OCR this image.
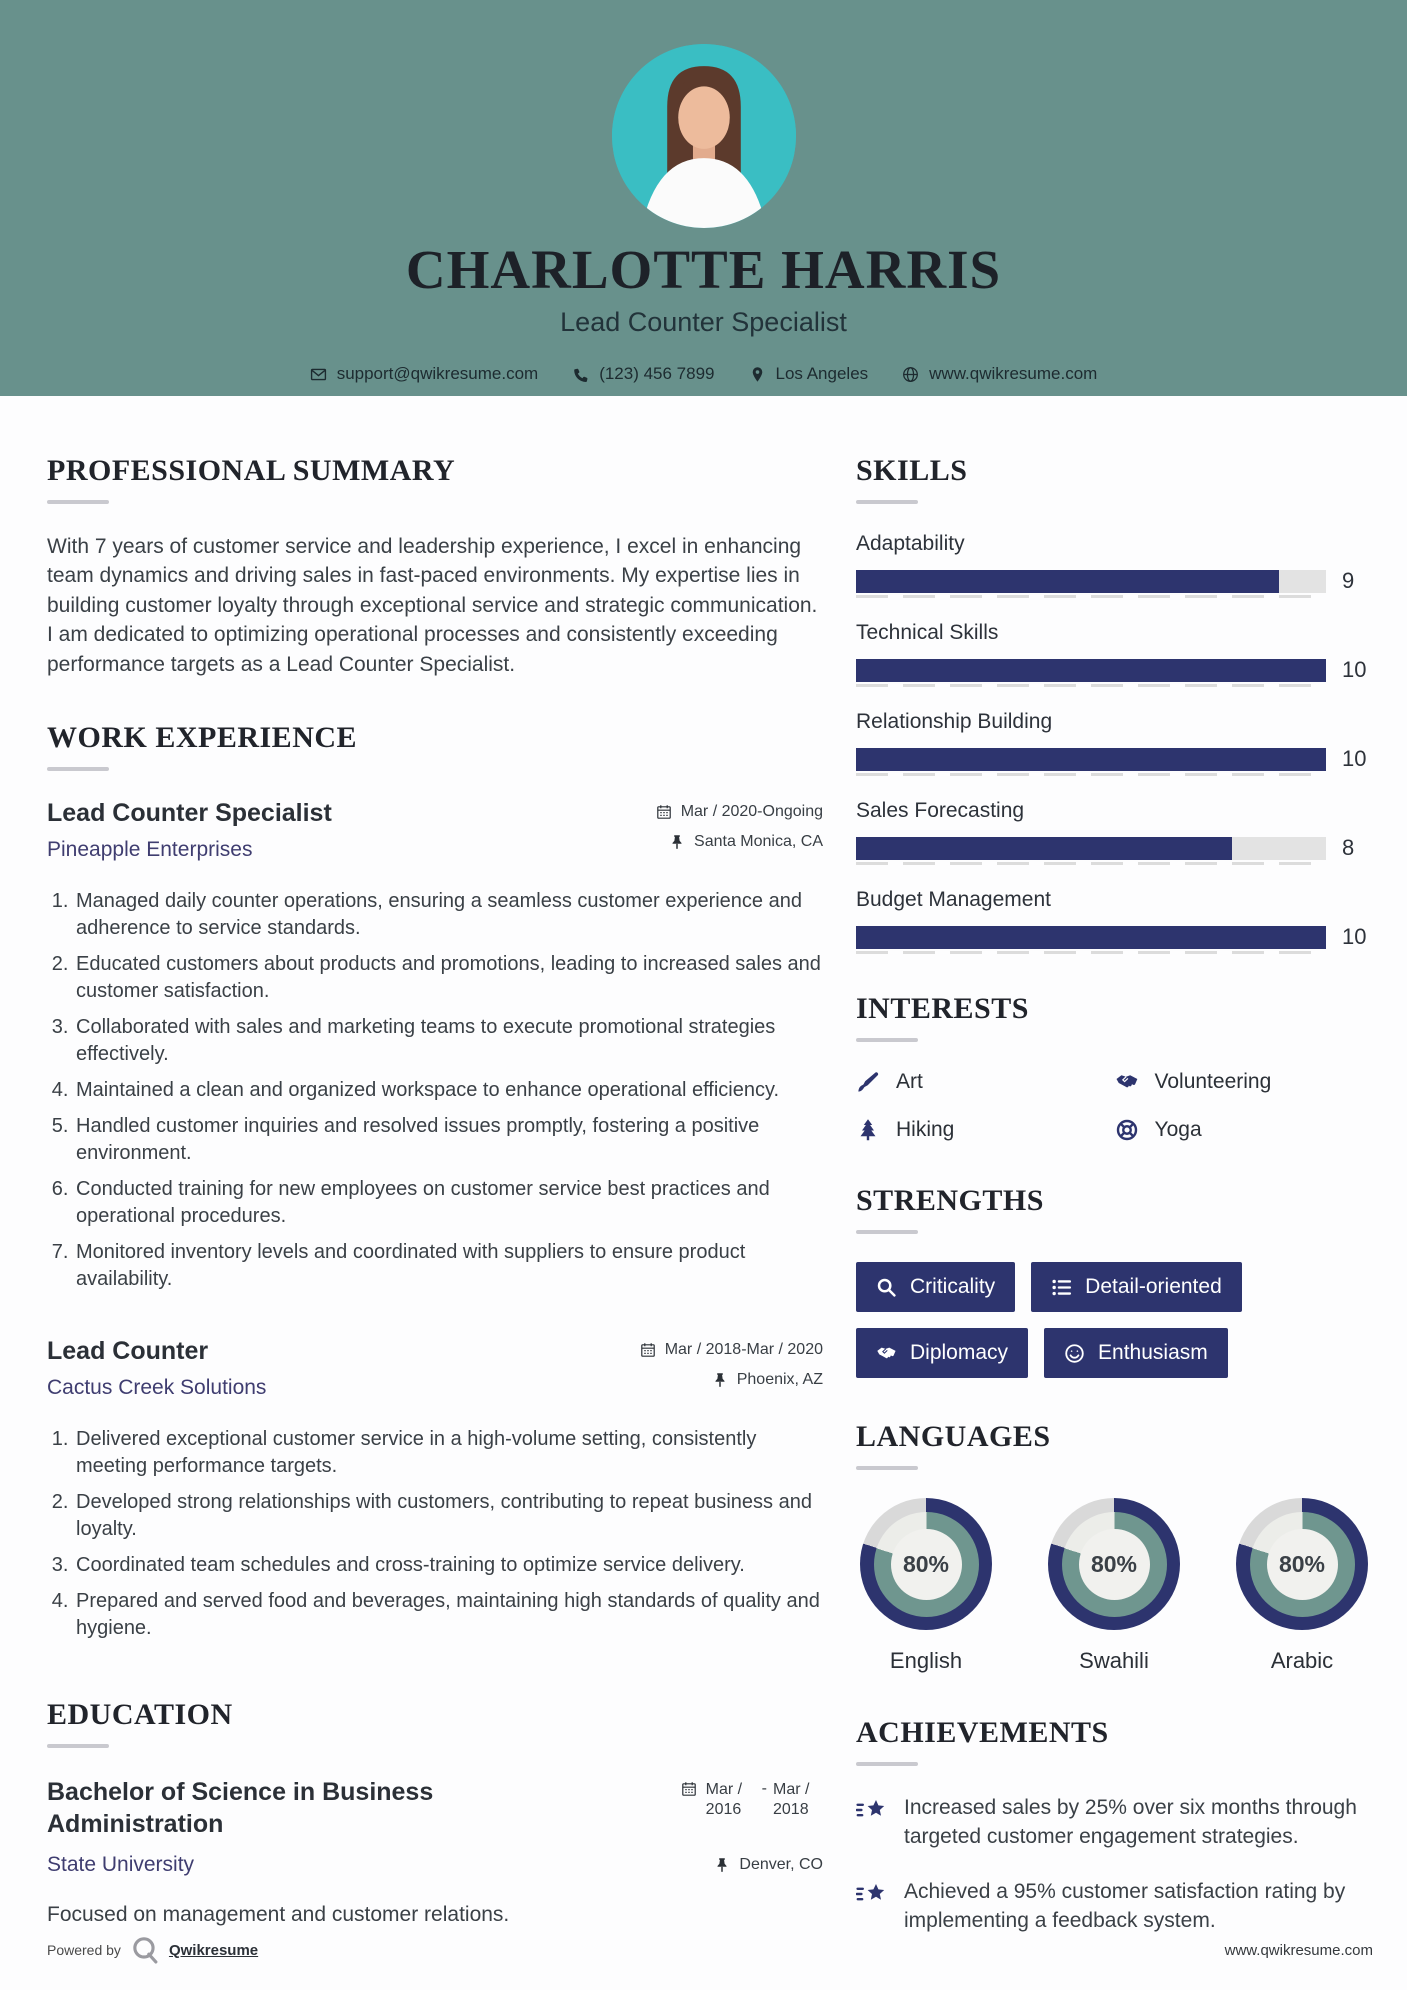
CHARLOTTE HARRIS
Lead Counter Specialist
support@qwikresume.com	(123) 456 7899	Los Angeles	www.qwikresume.com
PROFESSIONAL SUMMARY

With 7 years of customer service and leadership experience, I excel in enhancing team dynamics and driving sales in fast-paced environments. My expertise lies in building customer loyalty through exceptional service and strategic communication. I am dedicated to optimizing operational processes and consistently exceeding performance targets as a Lead Counter Specialist.

WORK EXPERIENCE
Lead Counter Specialist
Pineapple Enterprises
Mar / 2020-Ongoing
Santa Monica, CA
1. Managed daily counter operations, ensuring a seamless customer experience and adherence to service standards.
2. Educated customers about products and promotions, leading to increased sales and customer satisfaction.
3. Collaborated with sales and marketing teams to execute promotional strategies effectively.
4. Maintained a clean and organized workspace to enhance operational efficiency.
5. Handled customer inquiries and resolved issues promptly, fostering a positive environment.
6. Conducted training for new employees on customer service best practices and operational procedures.
7. Monitored inventory levels and coordinated with suppliers to ensure product availability.
Lead Counter
Cactus Creek Solutions
Mar / 2018-Mar / 2020
Phoenix, AZ
1. Delivered exceptional customer service in a high-volume setting, consistently meeting performance targets.
2. Developed strong relationships with customers, contributing to repeat business and loyalty.
3. Coordinated team schedules and cross-training to optimize service delivery.
4. Prepared and served food and beverages, maintaining high standards of quality and hygiene.
EDUCATION
Bachelor of Science in Business Administration
State University
Mar / 2016
- Mar / 2018
Denver, CO
Focused on management and customer relations.
SKILLS
Adaptability
9
Technical Skills
10
Relationship Building
10
Sales Forecasting
8
Budget Management
10
INTERESTS
Art	Volunteering
Hiking	Yoga
STRENGTHS
Criticality	Detail-oriented
Diplomacy	Enthusiasm
LANGUAGES
80%
English
80%
Swahili
80%
Arabic
ACHIEVEMENTS
Increased sales by 25% over six months through targeted customer engagement strategies.
Achieved a 95% customer satisfaction rating by implementing a feedback system.
Powered by	Qwikresume	www.qwikresume.com
